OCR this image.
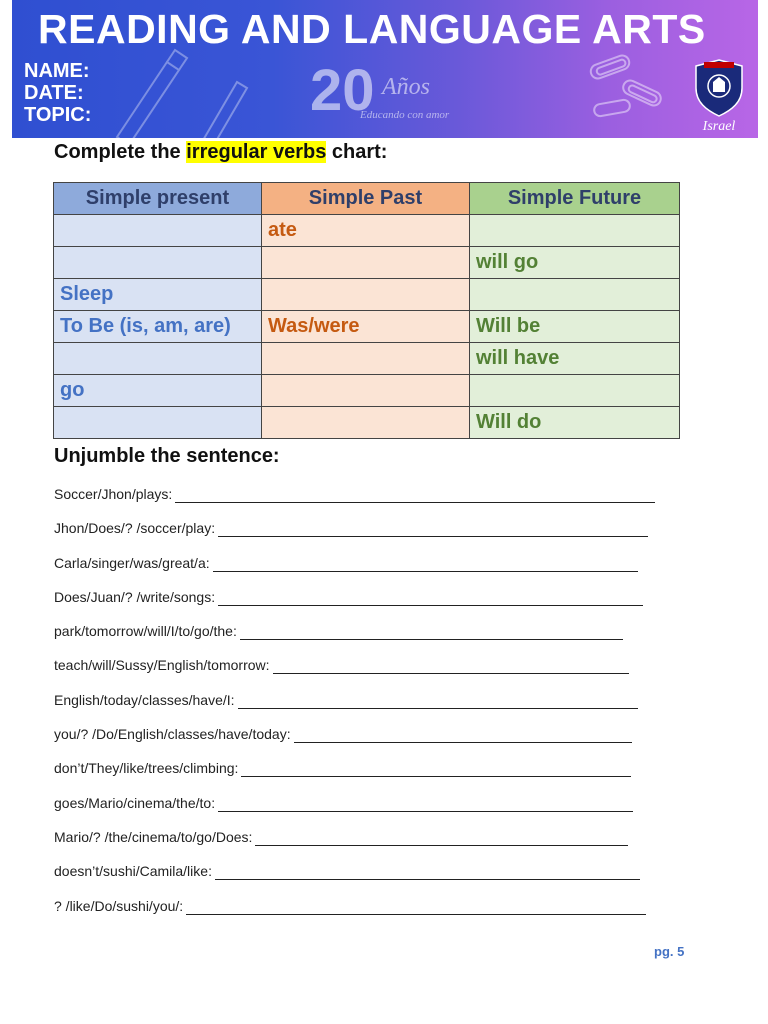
READING AND LANGUAGE ARTS
NAME:
DATE:
TOPIC:	20 Años
Educando con amor
Israel
Complete the irregular verbs chart:
Simple present	Simple Past	Simple Future
	ate	
		will go
Sleep		
To Be (is, am, are)	Was/were	Will be
		will have
go		
		Will do
Unjumble the sentence:
Soccer/Jhon/plays:
Jhon/Does/? /soccer/play:
Carla/singer/was/great/a:
Does/Juan/? /write/songs:
park/tomorrow/will/I/to/go/the:
teach/will/Sussy/English/tomorrow:
English/today/classes/have/I:
you/? /Do/English/classes/have/today:
don’t/They/like/trees/climbing:
goes/Mario/cinema/the/to:
Mario/? /the/cinema/to/go/Does:
doesn’t/sushi/Camila/like:
? /like/Do/sushi/you/:
pg. 5
